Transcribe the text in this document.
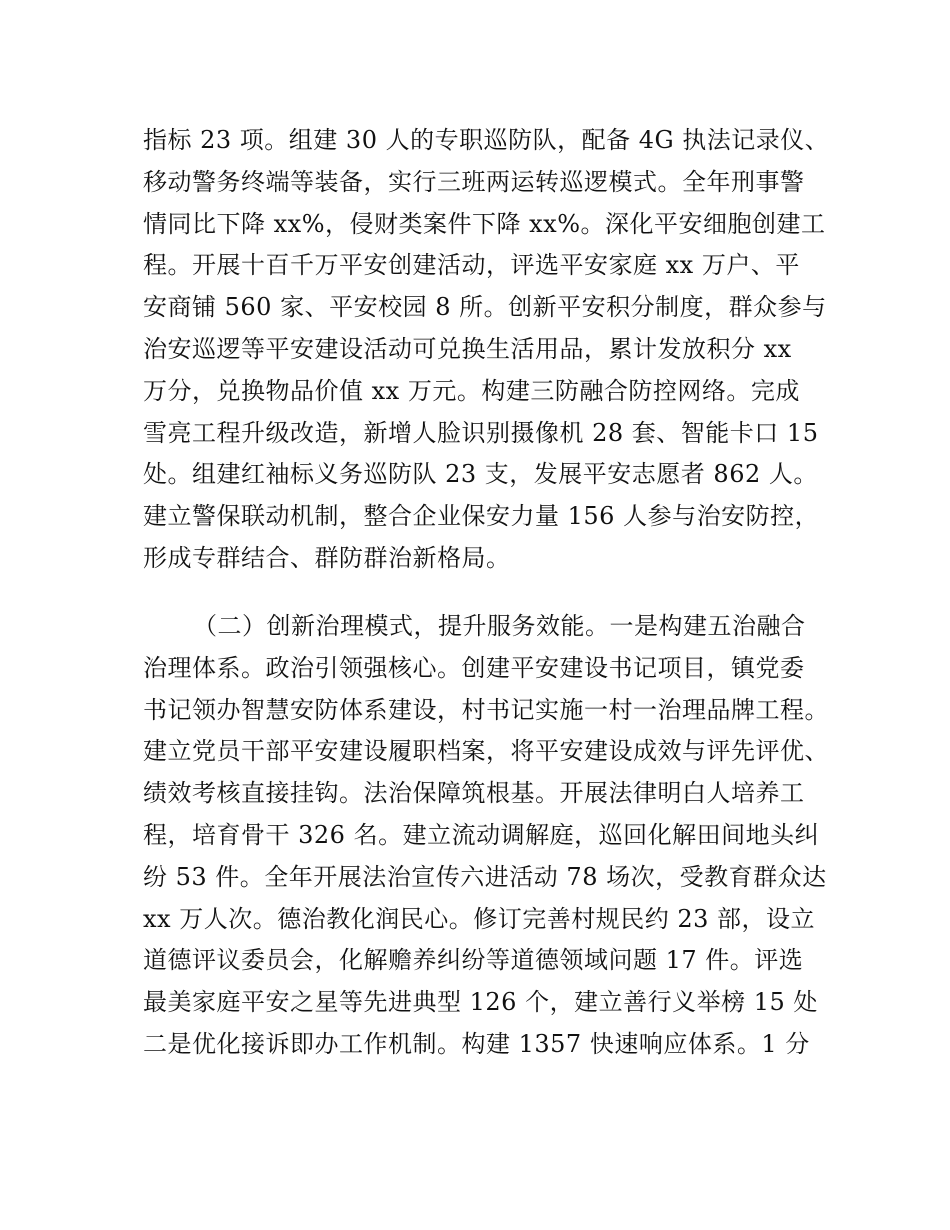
指标 23 项。组建 30 人的专职巡防队，配备 4G 执法记录仪、
移动警务终端等装备，实行三班两运转巡逻模式。全年刑事警
情同比下降 xx%，侵财类案件下降 xx%。深化平安细胞创建工
程。开展十百千万平安创建活动，评选平安家庭 xx 万户、平
安商铺 560 家、平安校园 8 所。创新平安积分制度，群众参与
治安巡逻等平安建设活动可兑换生活用品，累计发放积分 xx
万分，兑换物品价值 xx 万元。构建三防融合防控网络。完成
雪亮工程升级改造，新增人脸识别摄像机 28 套、智能卡口 15
处。组建红袖标义务巡防队 23 支，发展平安志愿者 862 人。
建立警保联动机制，整合企业保安力量 156 人参与治安防控，
形成专群结合、群防群治新格局。
（二）创新治理模式，提升服务效能。一是构建五治融合
治理体系。政治引领强核心。创建平安建设书记项目，镇党委
书记领办智慧安防体系建设，村书记实施一村一治理品牌工程。
建立党员干部平安建设履职档案，将平安建设成效与评先评优、
绩效考核直接挂钩。法治保障筑根基。开展法律明白人培养工
程，培育骨干 326 名。建立流动调解庭，巡回化解田间地头纠
纷 53 件。全年开展法治宣传六进活动 78 场次，受教育群众达
xx 万人次。德治教化润民心。修订完善村规民约 23 部，设立
道德评议委员会，化解赡养纠纷等道德领域问题 17 件。评选
最美家庭平安之星等先进典型 126 个，建立善行义举榜 15 处
二是优化接诉即办工作机制。构建 1357 快速响应体系。1 分
